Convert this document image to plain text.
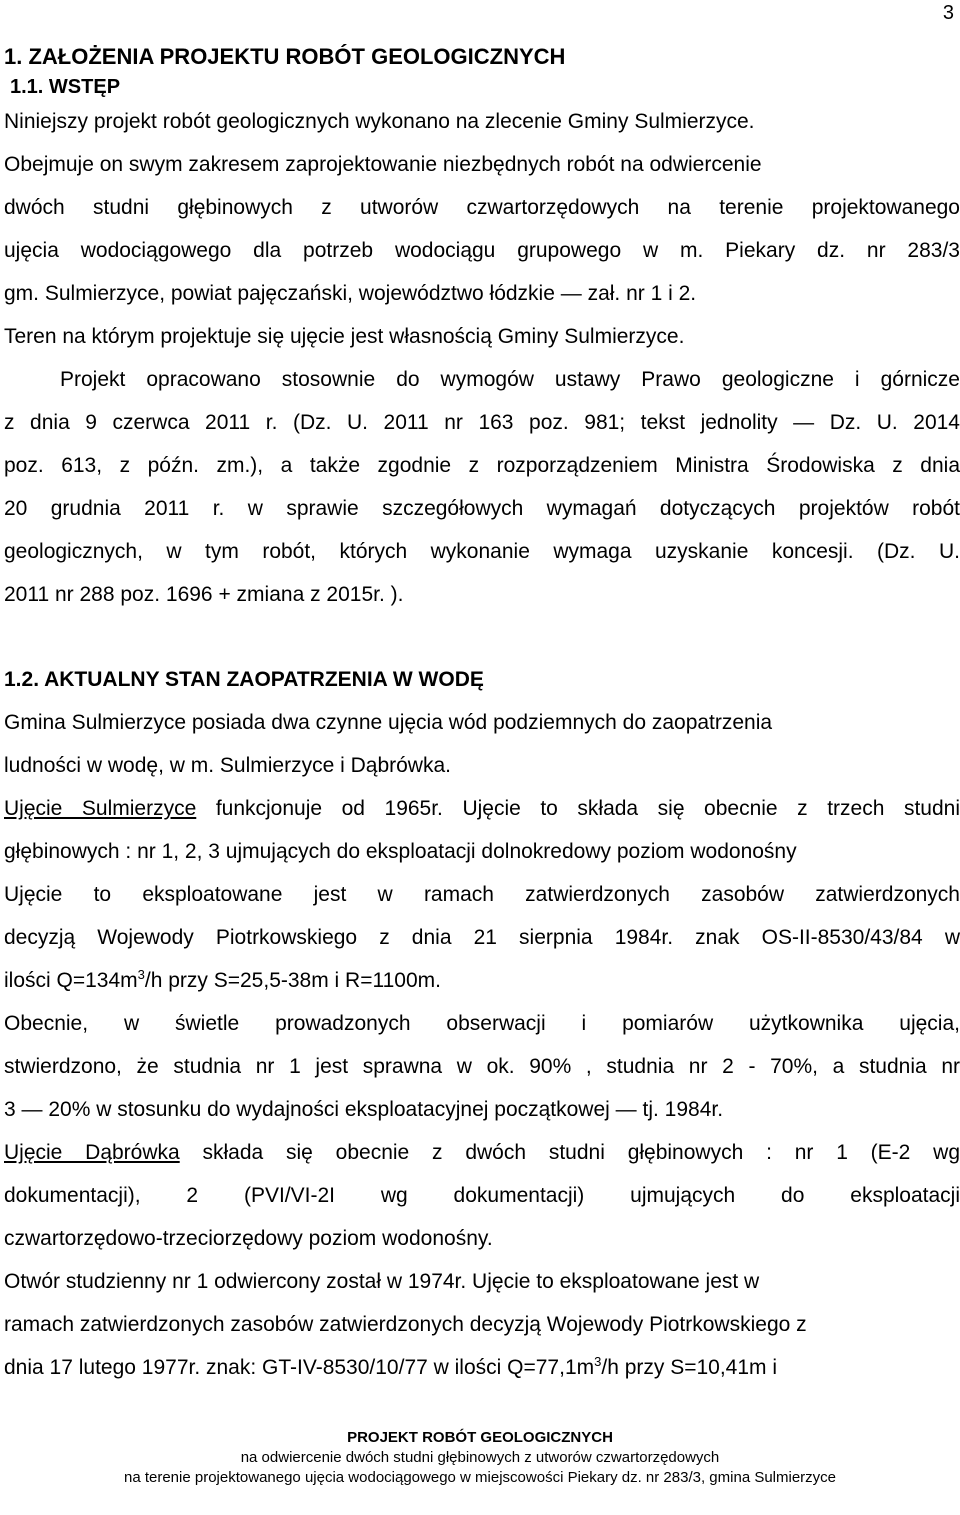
3
1. ZAŁOŻENIA PROJEKTU ROBÓT GEOLOGICZNYCH
1.1. WSTĘP
Niniejszy projekt robót geologicznych wykonano na zlecenie Gminy Sulmierzyce.
Obejmuje on swym zakresem zaprojektowanie niezbędnych robót na odwiercenie
dwóch studni głębinowych z utworów czwartorzędowych na terenie projektowanego
ujęcia wodociągowego dla potrzeb wodociągu grupowego w m. Piekary dz. nr 283/3
gm. Sulmierzyce, powiat pajęczański, województwo łódzkie — zał. nr 1 i 2.
Teren na którym projektuje się ujęcie jest własnością Gminy Sulmierzyce.
Projekt opracowano stosownie do wymogów ustawy Prawo geologiczne i górnicze
z dnia 9 czerwca 2011 r. (Dz. U. 2011 nr 163 poz. 981; tekst jednolity — Dz. U. 2014
poz. 613, z późn. zm.), a także zgodnie z rozporządzeniem Ministra Środowiska z dnia
20 grudnia 2011 r. w sprawie szczegółowych wymagań dotyczących projektów robót
geologicznych, w tym robót, których wykonanie wymaga uzyskanie koncesji. (Dz. U.
2011 nr 288 poz. 1696 + zmiana z 2015r. ).
1.2. AKTUALNY STAN ZAOPATRZENIA W WODĘ
Gmina Sulmierzyce posiada dwa czynne ujęcia wód podziemnych do zaopatrzenia
ludności w wodę, w m. Sulmierzyce i Dąbrówka.
Ujęcie Sulmierzyce funkcjonuje od 1965r. Ujęcie to składa się obecnie z trzech studni
głębinowych : nr 1, 2, 3 ujmujących do eksploatacji dolnokredowy poziom wodonośny
Ujęcie to eksploatowane jest w ramach zatwierdzonych zasobów zatwierdzonych
decyzją Wojewody Piotrkowskiego z dnia 21 sierpnia 1984r. znak OS-II-8530/43/84 w
ilości $Q=134m^3/h$ przy S=25,5-38m i R=1100m.
Obecnie, w świetle prowadzonych obserwacji i pomiarów użytkownika ujęcia,
stwierdzono, że studnia nr 1 jest sprawna w ok. 90% , studnia nr 2 - 70%, a studnia nr
3 — 20% w stosunku do wydajności eksploatacyjnej początkowej — tj. 1984r.
Ujęcie Dąbrówka składa się obecnie z dwóch studni głębinowych : nr 1 (E-2 wg
dokumentacji), 2 (PVI/VI-2I wg dokumentacji) ujmujących do eksploatacji
czwartorzędowo-trzeciorzędowy poziom wodonośny.
Otwór studzienny nr 1 odwiercony został w 1974r. Ujęcie to eksploatowane jest w
ramach zatwierdzonych zasobów zatwierdzonych decyzją Wojewody Piotrkowskiego z
dnia 17 lutego 1977r. znak: GT-IV-8530/10/77 w ilości $Q=77,1m^3/h$ przy S=10,41m i
PROJEKT ROBÓT GEOLOGICZNYCH
na odwiercenie dwóch studni głębinowych z utworów czwartorzędowych
na terenie projektowanego ujęcia wodociągowego w miejscowości Piekary dz. nr 283/3, gmina Sulmierzyce
